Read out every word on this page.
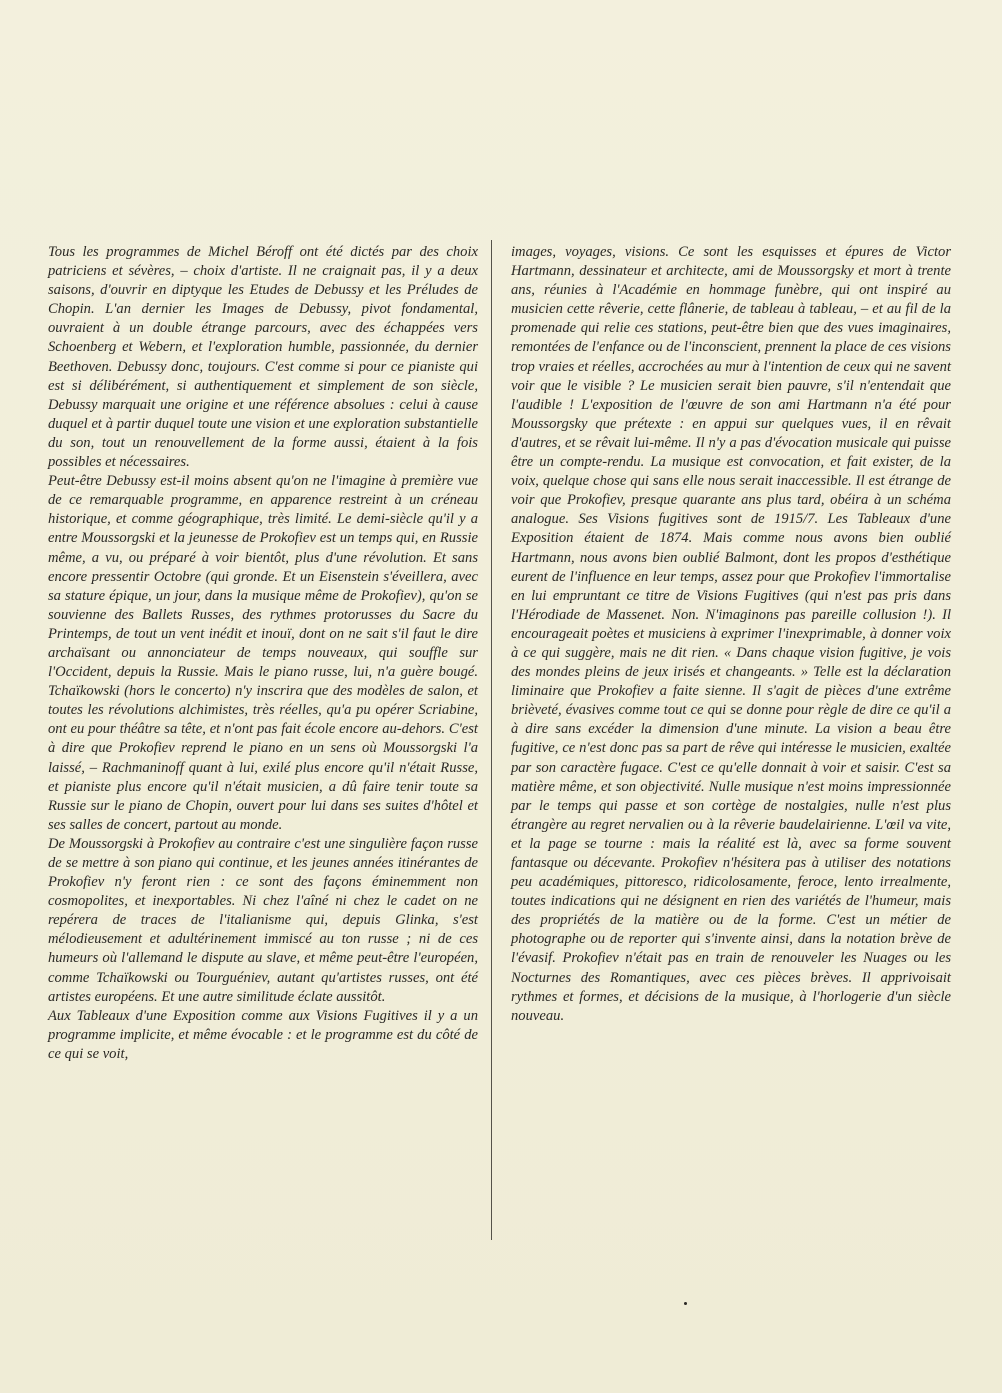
Tous les programmes de Michel Béroff ont été dictés par des choix patriciens et sévères, – choix d'artiste. Il ne craignait pas, il y a deux saisons, d'ouvrir en diptyque les Etudes de Debussy et les Préludes de Chopin. L'an dernier les Images de Debussy, pivot fondamental, ouvraient à un double étrange parcours, avec des échappées vers Schoenberg et Webern, et l'exploration humble, passionnée, du dernier Beethoven. Debussy donc, toujours. C'est comme si pour ce pianiste qui est si délibérément, si authentiquement et simplement de son siècle, Debussy marquait une origine et une référence absolues : celui à cause duquel et à partir duquel toute une vision et une exploration substantielle du son, tout un renouvellement de la forme aussi, étaient à la fois possibles et nécessaires.

Peut-être Debussy est-il moins absent qu'on ne l'imagine à première vue de ce remarquable programme, en apparence restreint à un créneau historique, et comme géographique, très limité. Le demi-siècle qu'il y a entre Moussorgski et la jeunesse de Prokofiev est un temps qui, en Russie même, a vu, ou préparé à voir bientôt, plus d'une révolution. Et sans encore pressentir Octobre (qui gronde. Et un Eisenstein s'éveillera, avec sa stature épique, un jour, dans la musique même de Prokofiev), qu'on se souvienne des Ballets Russes, des rythmes protorusses du Sacre du Printemps, de tout un vent inédit et inouï, dont on ne sait s'il faut le dire archaïsant ou annonciateur de temps nouveaux, qui souffle sur l'Occident, depuis la Russie. Mais le piano russe, lui, n'a guère bougé. Tchaïkowski (hors le concerto) n'y inscrira que des modèles de salon, et toutes les révolutions alchimistes, très réelles, qu'a pu opérer Scriabine, ont eu pour théâtre sa tête, et n'ont pas fait école encore au-dehors. C'est à dire que Prokofiev reprend le piano en un sens où Moussorgski l'a laissé, – Rachmaninoff quant à lui, exilé plus encore qu'il n'était Russe, et pianiste plus encore qu'il n'était musicien, a dû faire tenir toute sa Russie sur le piano de Chopin, ouvert pour lui dans ses suites d'hôtel et ses salles de concert, partout au monde.

De Moussorgski à Prokofiev au contraire c'est une singulière façon russe de se mettre à son piano qui continue, et les jeunes années itinérantes de Prokofiev n'y feront rien : ce sont des façons éminemment non cosmopolites, et inexportables. Ni chez l'aîné ni chez le cadet on ne repérera de traces de l'italianisme qui, depuis Glinka, s'est mélodieusement et adultérinement immiscé au ton russe ; ni de ces humeurs où l'allemand le dispute au slave, et même peut-être l'européen, comme Tchaïkowski ou Tourguéniev, autant qu'artistes russes, ont été artistes européens. Et une autre similitude éclate aussitôt.

Aux Tableaux d'une Exposition comme aux Visions Fugitives il y a un programme implicite, et même évocable : et le programme est du côté de ce qui se voit,

images, voyages, visions. Ce sont les esquisses et épures de Victor Hartmann, dessinateur et architecte, ami de Moussorgsky et mort à trente ans, réunies à l'Académie en hommage funèbre, qui ont inspiré au musicien cette rêverie, cette flânerie, de tableau à tableau, – et au fil de la promenade qui relie ces stations, peut-être bien que des vues imaginaires, remontées de l'enfance ou de l'inconscient, prennent la place de ces visions trop vraies et réelles, accrochées au mur à l'intention de ceux qui ne savent voir que le visible ? Le musicien serait bien pauvre, s'il n'entendait que l'audible ! L'exposition de l'œuvre de son ami Hartmann n'a été pour Moussorgsky que prétexte : en appui sur quelques vues, il en rêvait d'autres, et se rêvait lui-même. Il n'y a pas d'évocation musicale qui puisse être un compte-rendu. La musique est convocation, et fait exister, de la voix, quelque chose qui sans elle nous serait inaccessible. Il est étrange de voir que Prokofiev, presque quarante ans plus tard, obéira à un schéma analogue. Ses Visions fugitives sont de 1915/7. Les Tableaux d'une Exposition étaient de 1874. Mais comme nous avons bien oublié Hartmann, nous avons bien oublié Balmont, dont les propos d'esthétique eurent de l'influence en leur temps, assez pour que Prokofiev l'immortalise en lui empruntant ce titre de Visions Fugitives (qui n'est pas pris dans l'Hérodiade de Massenet. Non. N'imaginons pas pareille collusion !). Il encourageait poètes et musiciens à exprimer l'inexprimable, à donner voix à ce qui suggère, mais ne dit rien. « Dans chaque vision fugitive, je vois des mondes pleins de jeux irisés et changeants. » Telle est la déclaration liminaire que Prokofiev a faite sienne. Il s'agit de pièces d'une extrême brièveté, évasives comme tout ce qui se donne pour règle de dire ce qu'il a à dire sans excéder la dimension d'une minute. La vision a beau être fugitive, ce n'est donc pas sa part de rêve qui intéresse le musicien, exaltée par son caractère fugace. C'est ce qu'elle donnait à voir et saisir. C'est sa matière même, et son objectivité. Nulle musique n'est moins impressionnée par le temps qui passe et son cortège de nostalgies, nulle n'est plus étrangère au regret nervalien ou à la rêverie baudelairienne. L'œil va vite, et la page se tourne : mais la réalité est là, avec sa forme souvent fantasque ou décevante. Prokofiev n'hésitera pas à utiliser des notations peu académiques, pittoresco, ridicolosamente, feroce, lento irrealmente, toutes indications qui ne désignent en rien des variétés de l'humeur, mais des propriétés de la matière ou de la forme. C'est un métier de photographe ou de reporter qui s'invente ainsi, dans la notation brève de l'évasif. Prokofiev n'était pas en train de renouveler les Nuages ou les Nocturnes des Romantiques, avec ces pièces brèves. Il apprivoisait rythmes et formes, et décisions de la musique, à l'horlogerie d'un siècle nouveau.
